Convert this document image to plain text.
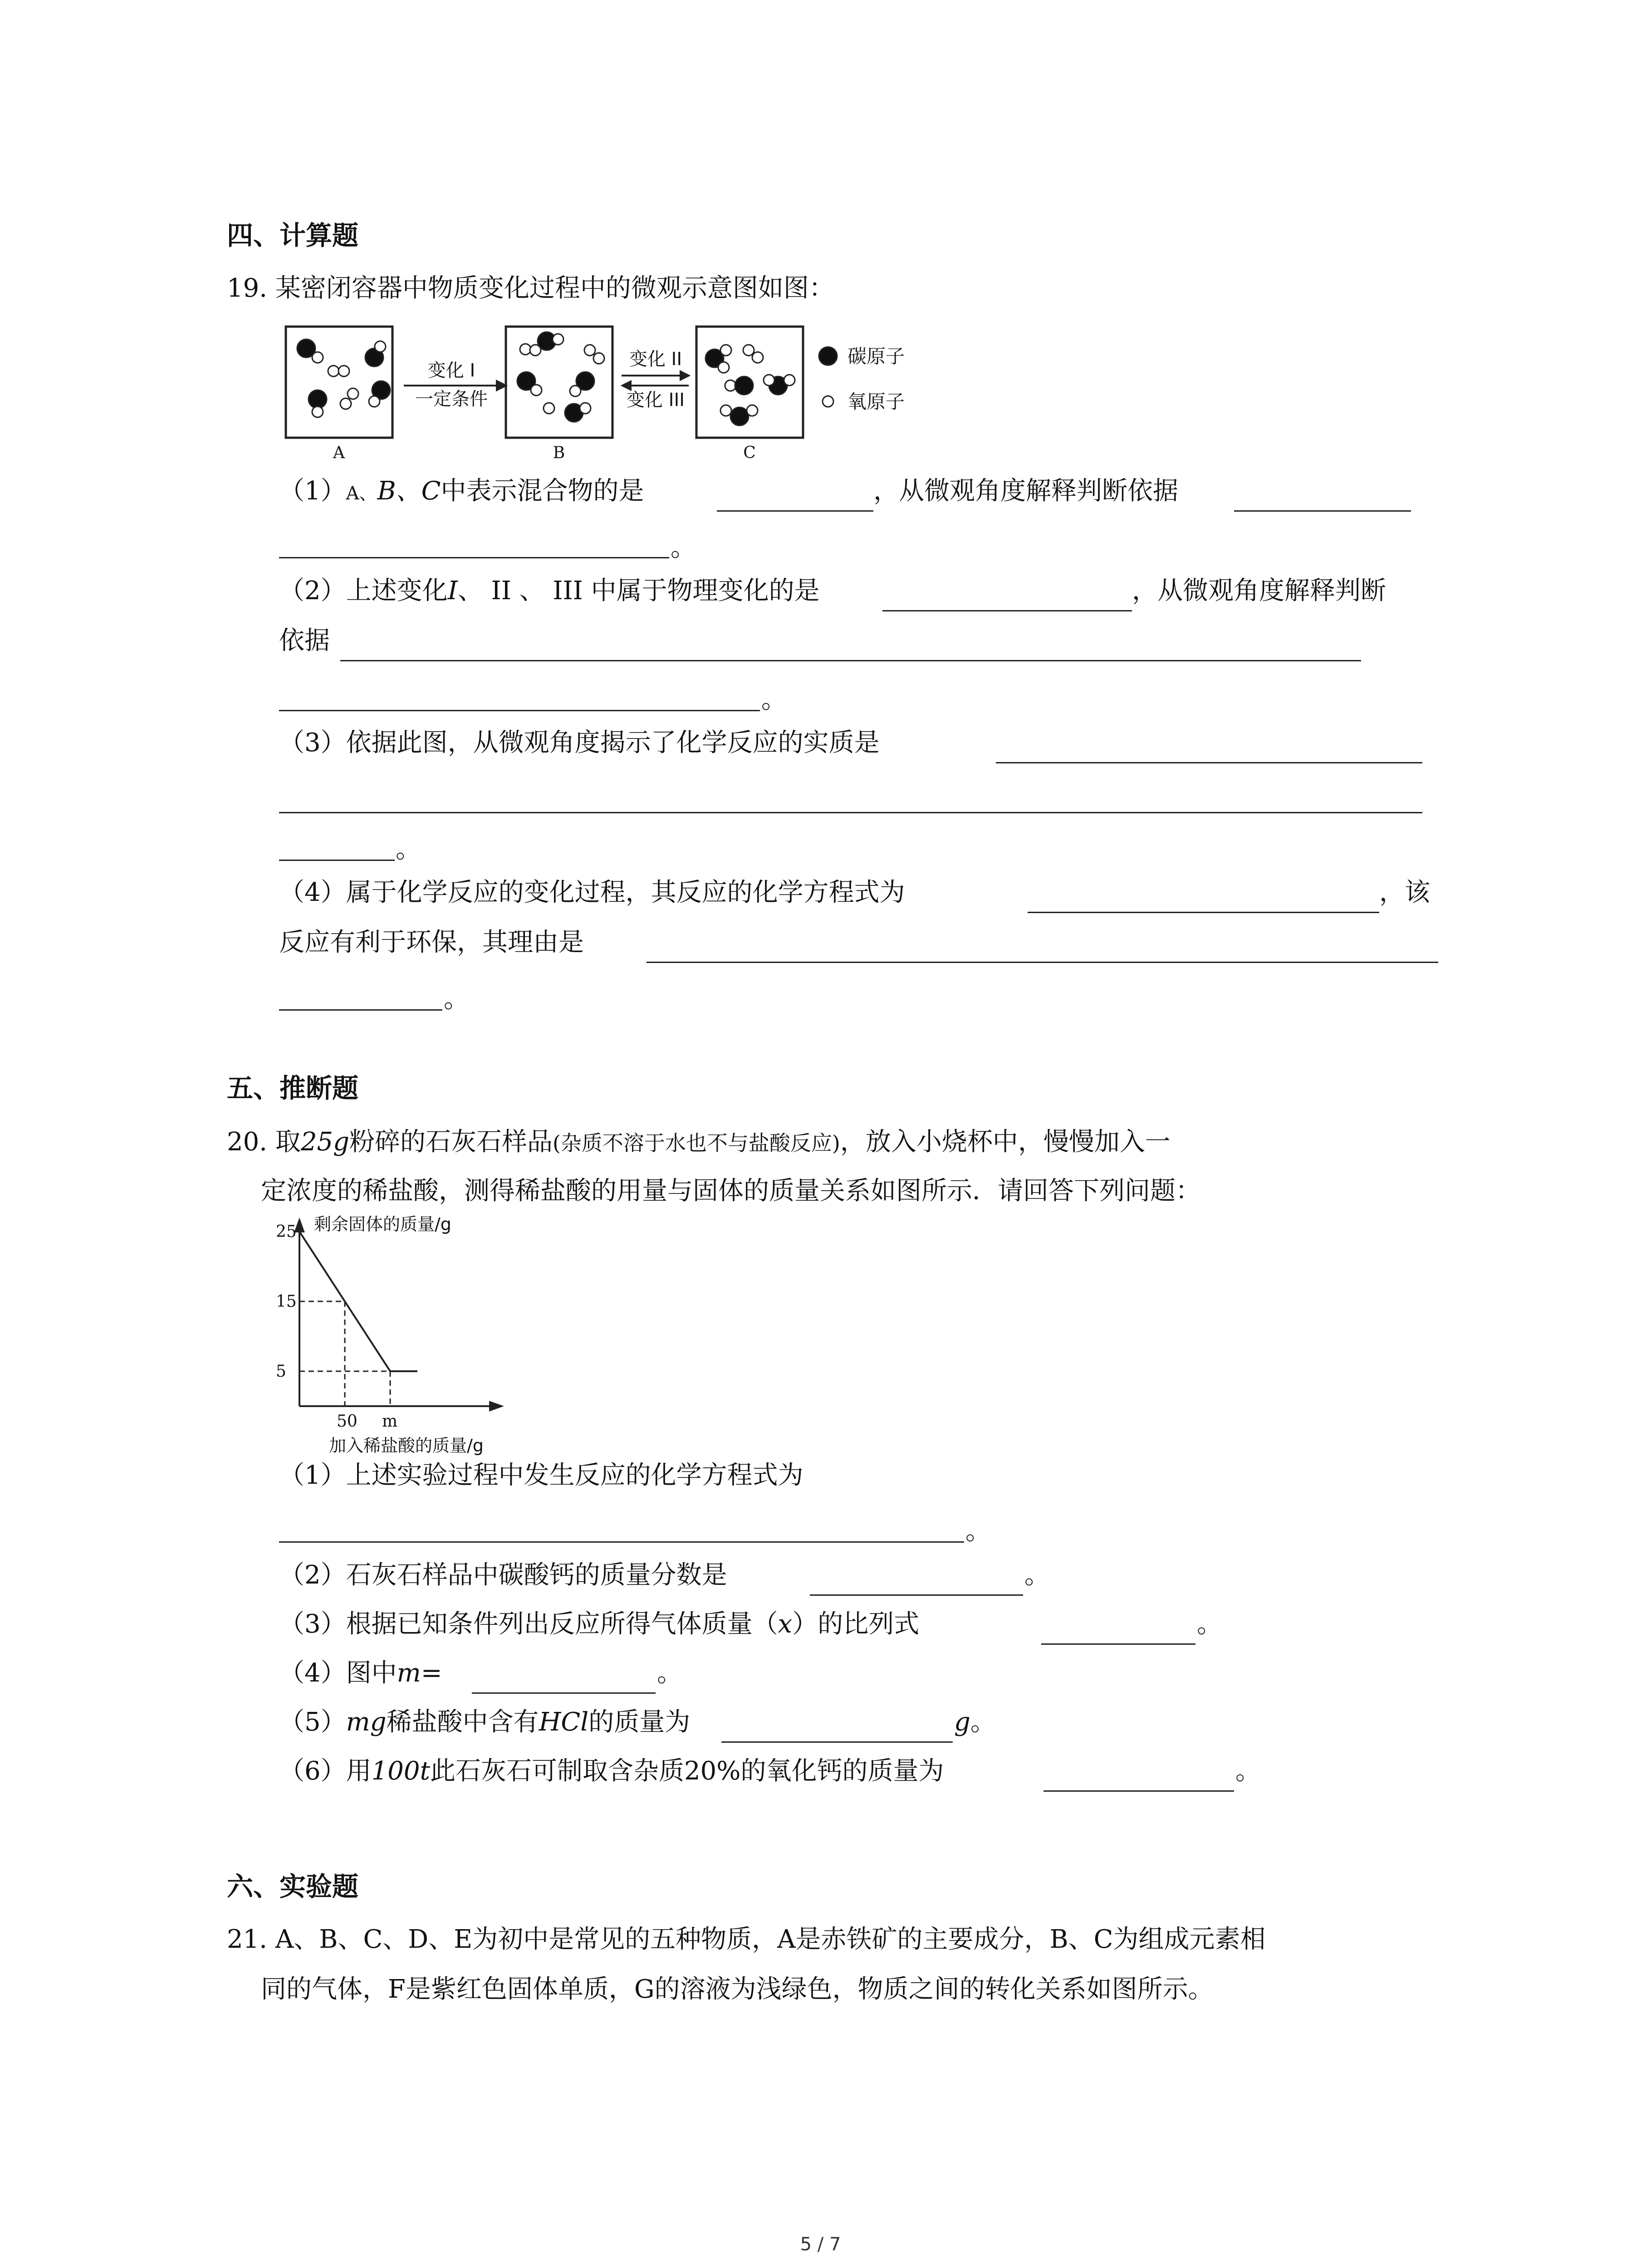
四、计算题
19. 某密闭容器中物质变化过程中的微观示意图如图：
变化 I
一定条件
变化 II
变化 III
A	B	C
碳原子
氧原子
（1）A、B、C中表示混合物的是	，从微观角度解释判断依据
。
（2）上述变化I、 II 、 III 中属于物理变化的是	，从微观角度解释判断
依据
。
（3）依据此图，从微观角度揭示了化学反应的实质是
。
（4）属于化学反应的变化过程，其反应的化学方程式为	，该
反应有利于环保，其理由是
。
五、推断题
20. 取25g粉碎的石灰石样品(杂质不溶于水也不与盐酸反应)，放入小烧杯中，慢慢加入一
定浓度的稀盐酸，测得稀盐酸的用量与固体的质量关系如图所示．请回答下列问题：
25
15
5
50 m
剩余固体的质量/g
加入稀盐酸的质量/g
（1）上述实验过程中发生反应的化学方程式为
。
（2）石灰石样品中碳酸钙的质量分数是	。
（3）根据已知条件列出反应所得气体质量（x）的比列式	。
（4）图中m=	。
（5）mg稀盐酸中含有HCl的质量为	g。
（6）用100t此石灰石可制取含杂质20%的氧化钙的质量为	。
六、实验题
21. A、B、C、D、E为初中是常见的五种物质，A是赤铁矿的主要成分，B、C为组成元素相
同的气体，F是紫红色固体单质，G的溶液为浅绿色，物质之间的转化关系如图所示。
5 / 7
